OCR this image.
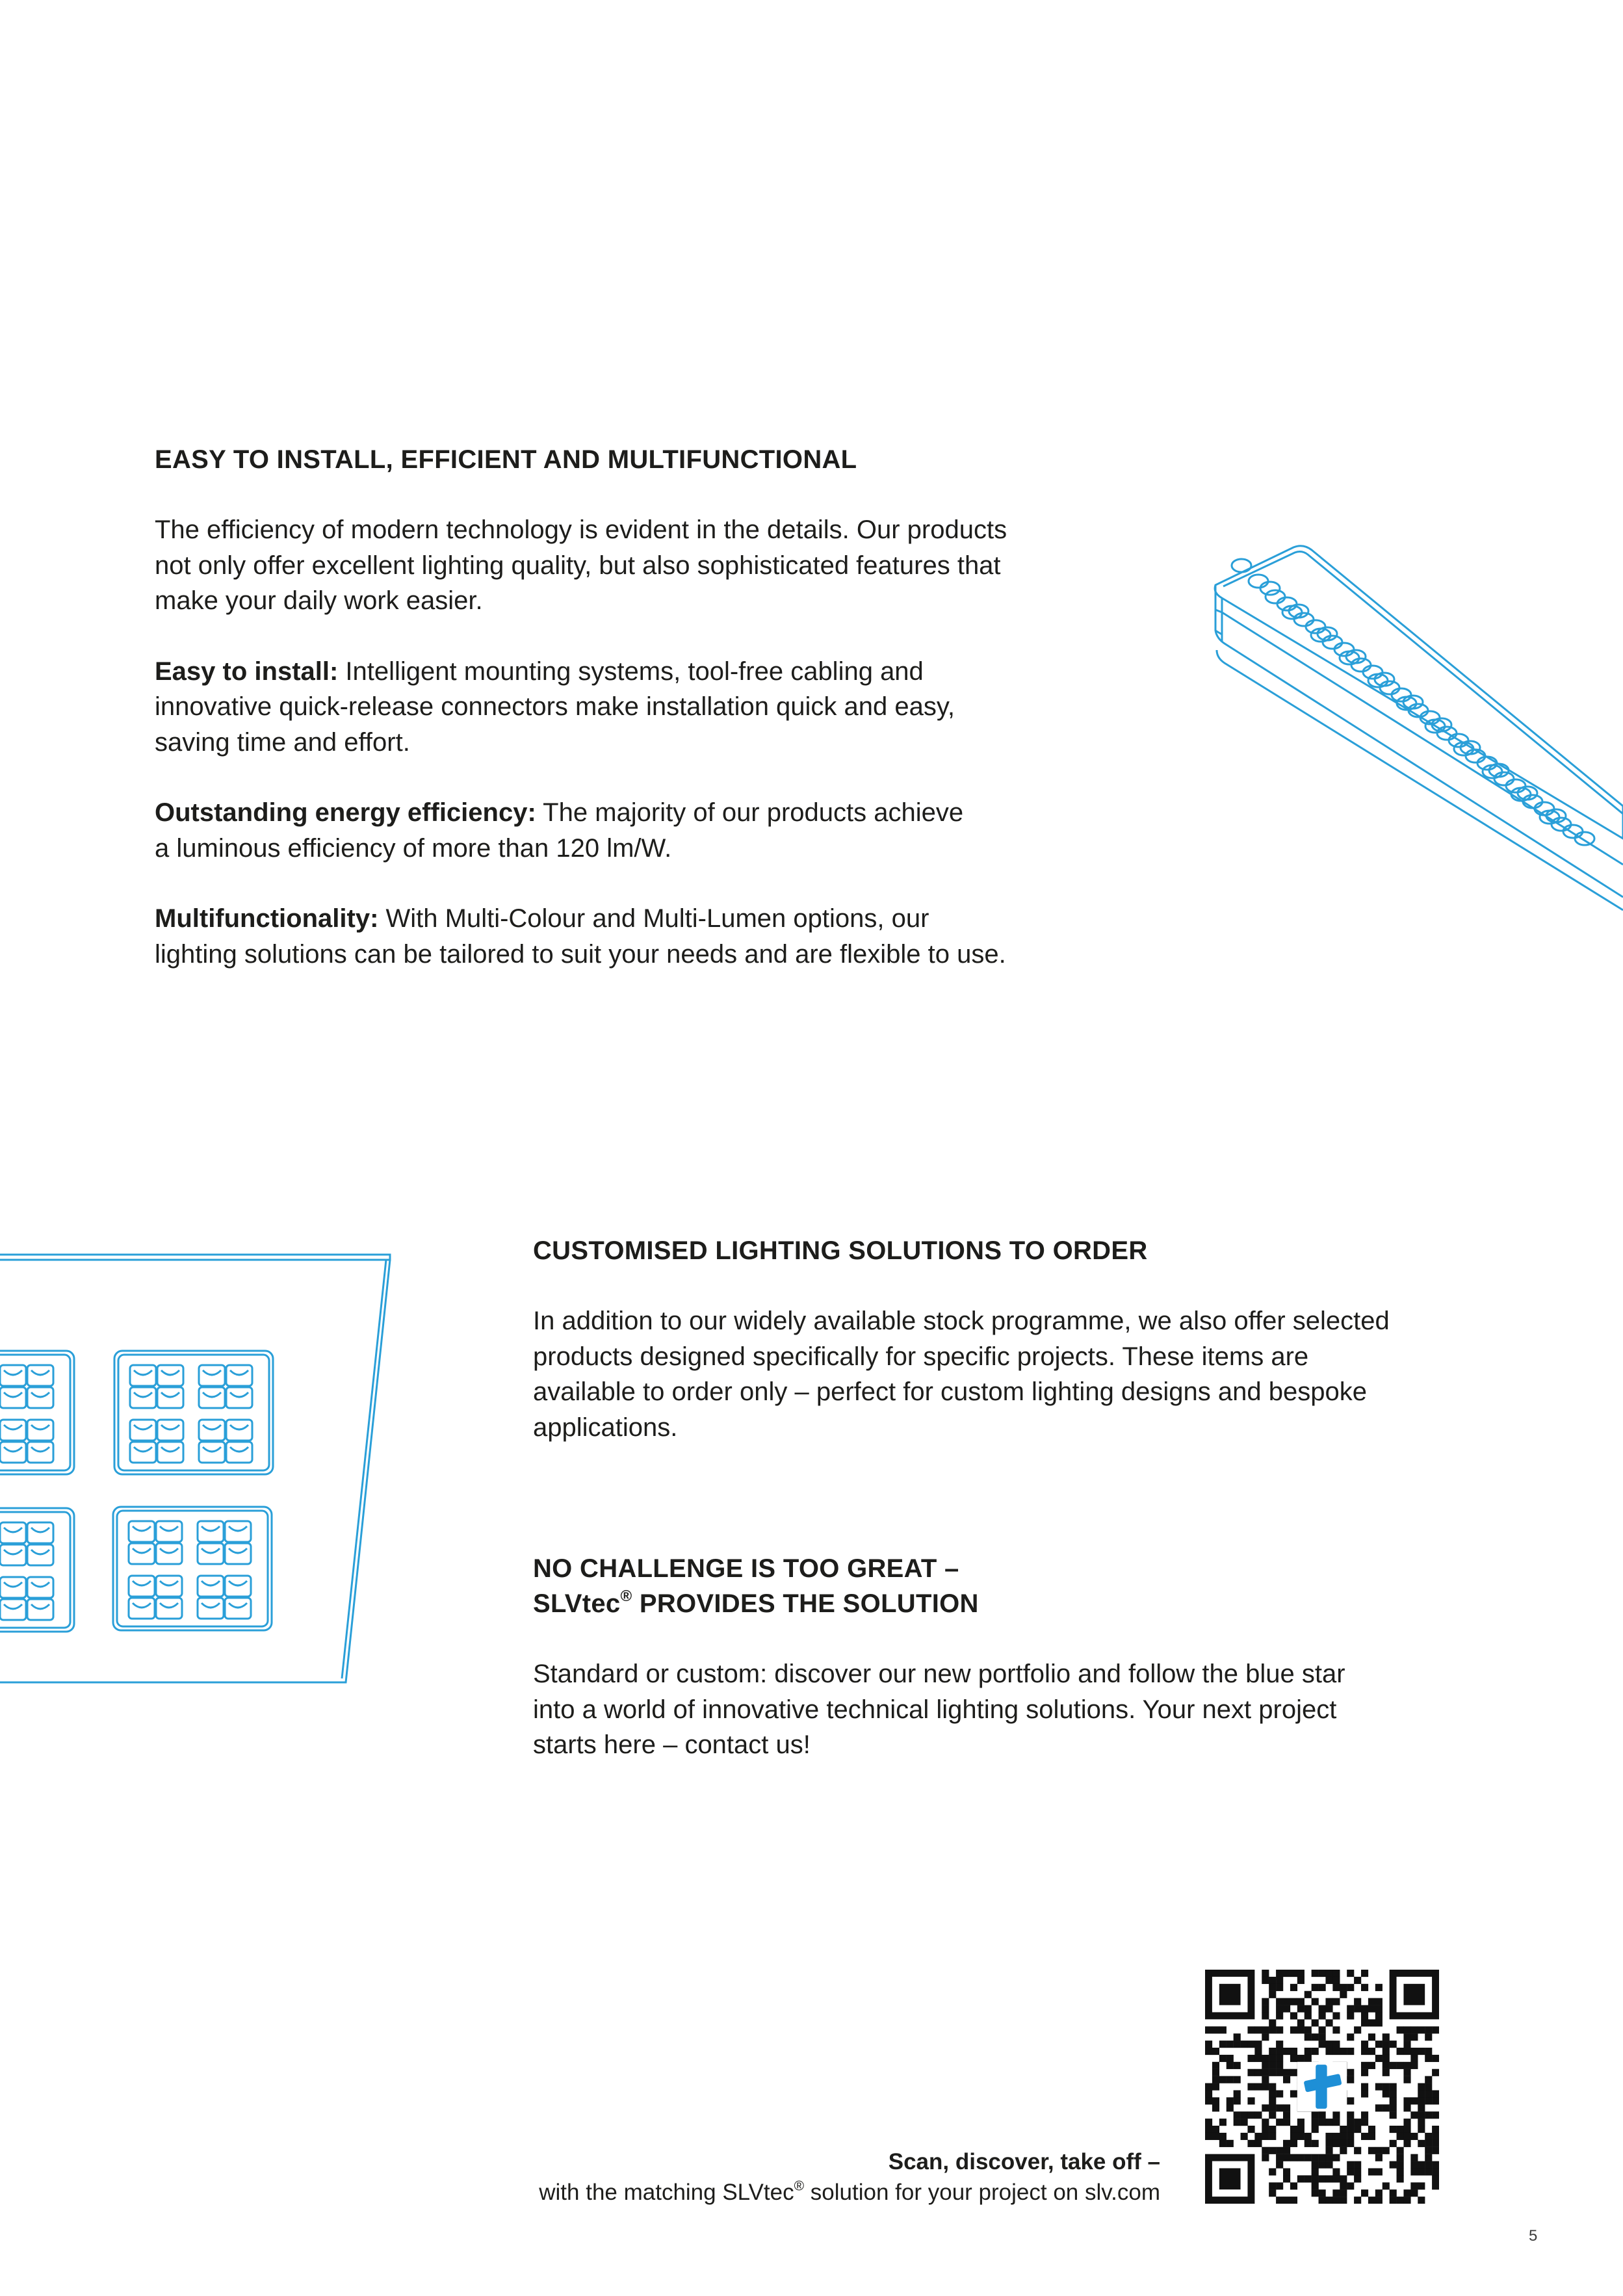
EASY TO INSTALL, EFFICIENT AND MULTIFUNCTIONAL

The efficiency of modern technology is evident in the details. Our products
not only offer excellent lighting quality, but also sophisticated features that
make your daily work easier.

Easy to install: Intelligent mounting systems, tool-free cabling and
innovative quick-release connectors make installation quick and easy,
saving time and effort.

Outstanding energy efficiency: The majority of our products achieve
a luminous efficiency of more than 120 lm/W.

Multifunctionality: With Multi-Colour and Multi-Lumen options, our
lighting solutions can be tailored to suit your needs and are flexible to use.

CUSTOMISED LIGHTING SOLUTIONS TO ORDER

In addition to our widely available stock programme, we also offer selected
products designed specifically for specific projects. These items are
available to order only – perfect for custom lighting designs and bespoke
applications.

NO CHALLENGE IS TOO GREAT –
SLVtec® PROVIDES THE SOLUTION

Standard or custom: discover our new portfolio and follow the blue star
into a world of innovative technical lighting solutions. Your next project
starts here – contact us!

Scan, discover, take off –
with the matching SLVtec® solution for your project on slv.com
5
